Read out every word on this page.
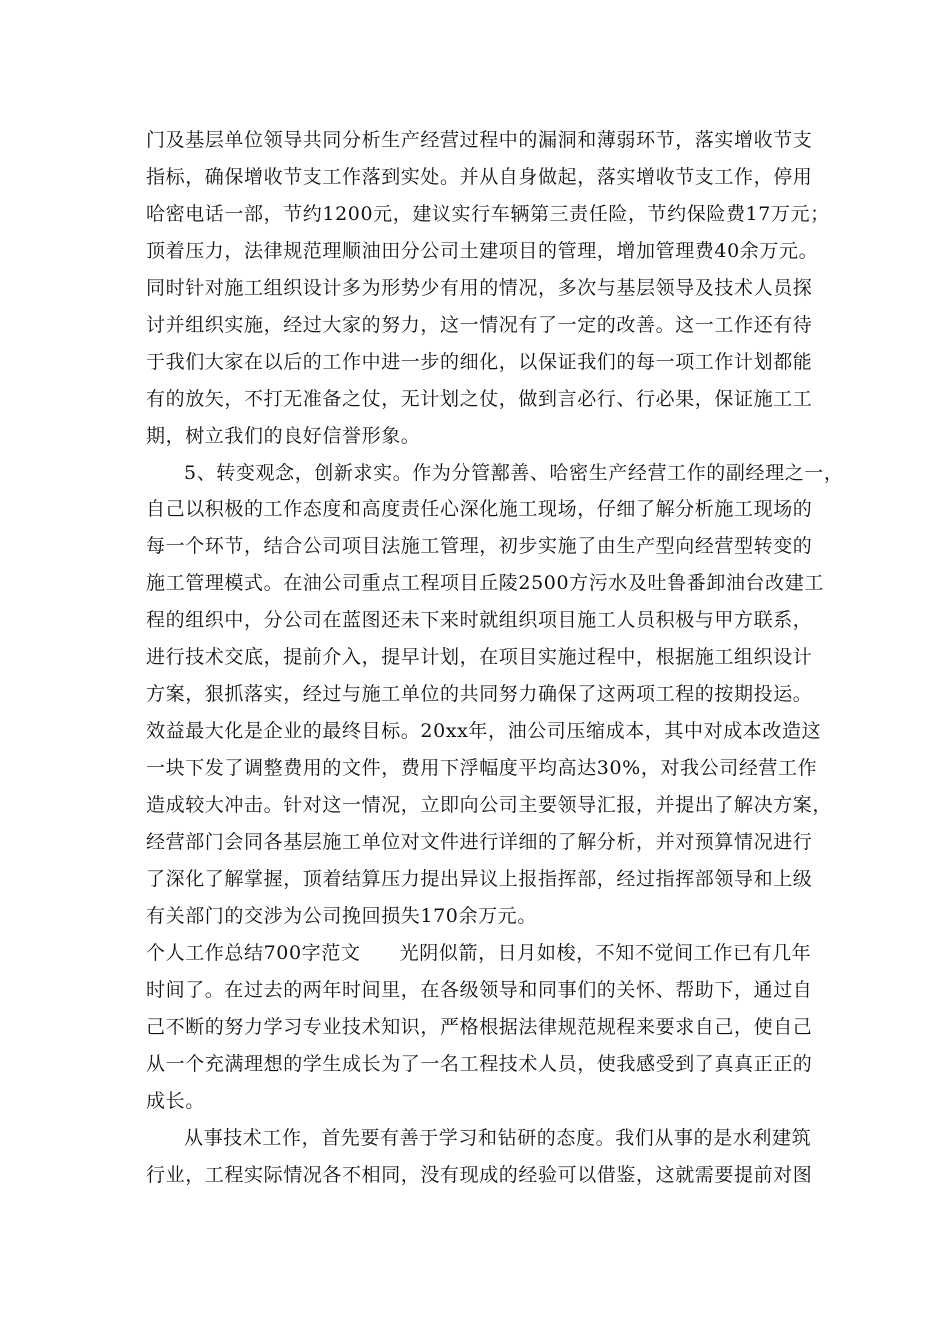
门及基层单位领导共同分析生产经营过程中的漏洞和薄弱环节，落实增收节支
指标，确保增收节支工作落到实处。并从自身做起，落实增收节支工作，停用
哈密电话一部，节约1200元，建议实行车辆第三责任险，节约保险费17万元；
顶着压力，法律规范理顺油田分公司土建项目的管理，增加管理费40余万元。
同时针对施工组织设计多为形势少有用的情况，多次与基层领导及技术人员探
讨并组织实施，经过大家的努力，这一情况有了一定的改善。这一工作还有待
于我们大家在以后的工作中进一步的细化，以保证我们的每一项工作计划都能
有的放矢，不打无准备之仗，无计划之仗，做到言必行、行必果，保证施工工
期，树立我们的良好信誉形象。
5、转变观念，创新求实。作为分管鄯善、哈密生产经营工作的副经理之一，
自己以积极的工作态度和高度责任心深化施工现场，仔细了解分析施工现场的
每一个环节，结合公司项目法施工管理，初步实施了由生产型向经营型转变的
施工管理模式。在油公司重点工程项目丘陵2500方污水及吐鲁番卸油台改建工
程的组织中，分公司在蓝图还未下来时就组织项目施工人员积极与甲方联系，
进行技术交底，提前介入，提早计划，在项目实施过程中，根据施工组织设计
方案，狠抓落实，经过与施工单位的共同努力确保了这两项工程的按期投运。
效益最大化是企业的最终目标。20xx年，油公司压缩成本，其中对成本改造这
一块下发了调整费用的文件，费用下浮幅度平均高达30%，对我公司经营工作
造成较大冲击。针对这一情况，立即向公司主要领导汇报，并提出了解决方案，
经营部门会同各基层施工单位对文件进行详细的了解分析，并对预算情况进行
了深化了解掌握，顶着结算压力提出异议上报指挥部，经过指挥部领导和上级
有关部门的交涉为公司挽回损失170余万元。
个人工作总结700字范文　　光阴似箭，日月如梭，不知不觉间工作已有几年
时间了。在过去的两年时间里，在各级领导和同事们的关怀、帮助下，通过自
己不断的努力学习专业技术知识，严格根据法律规范规程来要求自己，使自己
从一个充满理想的学生成长为了一名工程技术人员，使我感受到了真真正正的
成长。
从事技术工作，首先要有善于学习和钻研的态度。我们从事的是水利建筑
行业，工程实际情况各不相同，没有现成的经验可以借鉴，这就需要提前对图
